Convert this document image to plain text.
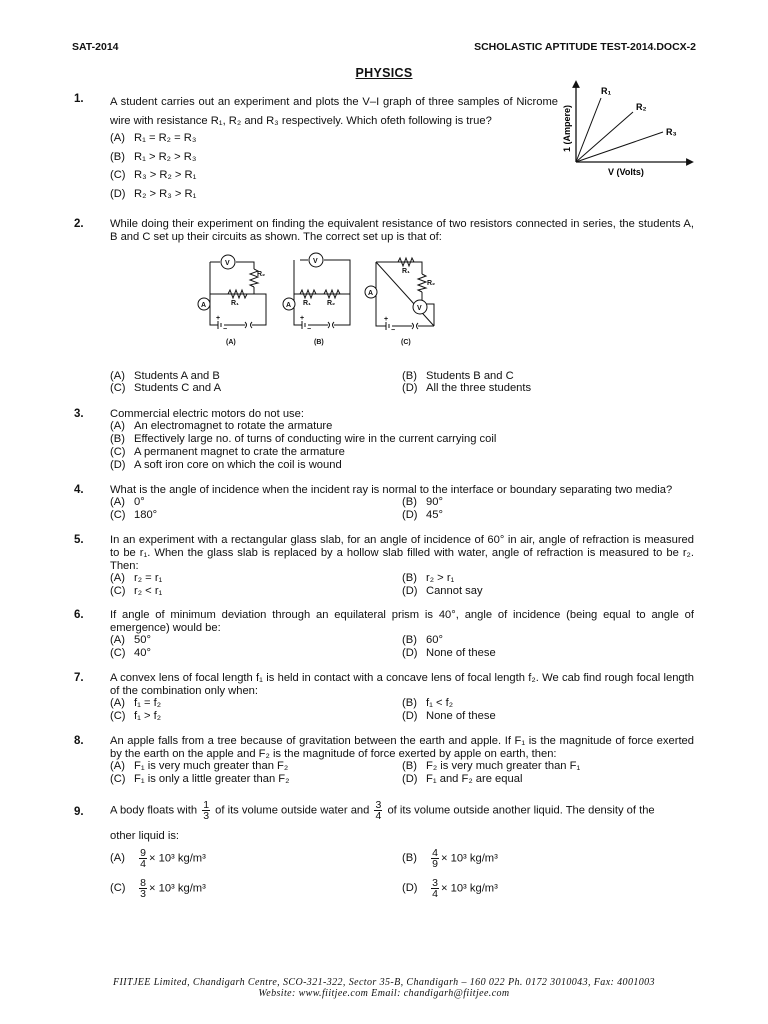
SAT-2014	SCHOLASTIC APTITUDE TEST-2014.DOCX-2
PHYSICS
1. A student carries out an experiment and plots the V–I graph of three samples of Nicrome wire with resistance R₁, R₂ and R₃ respectively. Which ofeth following is true?
(A) R₁ = R₂ = R₃
(B) R₁ > R₂ > R₃
(C) R₃ > R₂ > R₁
(D) R₂ > R₃ > R₁
R₁
R₂
R₃
V (Volts)
1 (Ampere)
2. While doing their experiment on finding the equivalent resistance of two resistors connected in series, the students A, B and C set up their circuits as shown. The correct set up is that of:
V
A
R₂
R₁
+
−
V
A R₁ R₂
+
−
R₁
R₂
A
V
+
−
(A)	(B)	(C)
(A) Students A and B	(B) Students B and C
(C) Students C and A	(D) All the three students
3. Commercial electric motors do not use:
(A) An electromagnet to rotate the armature
(B) Effectively large no. of turns of conducting wire in the current carrying coil
(C) A permanent magnet to crate the armature
(D) A soft iron core on which the coil is wound
4. What is the angle of incidence when the incident ray is normal to the interface or boundary separating two media?
(A) 0°	(B) 90°
(C) 180°	(D) 45°
5. In an experiment with a rectangular glass slab, for an angle of incidence of 60° in air, angle of refraction is measured to be r₁. When the glass slab is replaced by a hollow slab filled with water, angle of refraction is measured to be r₂. Then:
(A) r₂ = r₁	(B) r₂ > r₁
(C) r₂ < r₁	(D) Cannot say
6. If angle of minimum deviation through an equilateral prism is 40°, angle of incidence (being equal to angle of emergence) would be:
(A) 50°	(B) 60°
(C) 40°	(D) None of these
7. A convex lens of focal length f₁ is held in contact with a concave lens of focal length f₂. We cab find rough focal length of the combination only when:
(A) f₁ = f₂	(B) f₁ < f₂
(C) f₁ > f₂	(D) None of these
8. An apple falls from a tree because of gravitation between the earth and apple. If F₁ is the magnitude of force exerted by the earth on the apple and F₂ is the magnitude of force exerted by apple on earth, then:
(A) F₁ is very much greater than F₂	(B) F₂ is very much greater than F₁
(C) F₁ is only a little greater than F₂	(D) F₁ and F₂ are equal
9. A body floats with $\frac{1}{3}$ of its volume outside water and $\frac{3}{4}$ of its volume outside another liquid. The density of the
other liquid is:
$(A) \frac{9}{4} \times 10^3$ kg/m³	$(B) \frac{4}{9} \times 10^3$ kg/m³
$(C) \frac{8}{3} \times 10^3$ kg/m³	$(D) \frac{3}{4} \times 10^3$ kg/m³
FIITJEE Limited, Chandigarh Centre, SCO-321-322, Sector 35-B, Chandigarh – 160 022 Ph. 0172 3010043, Fax: 4001003
Website: www.fiitjee.com Email: chandigarh@fiitjee.com
